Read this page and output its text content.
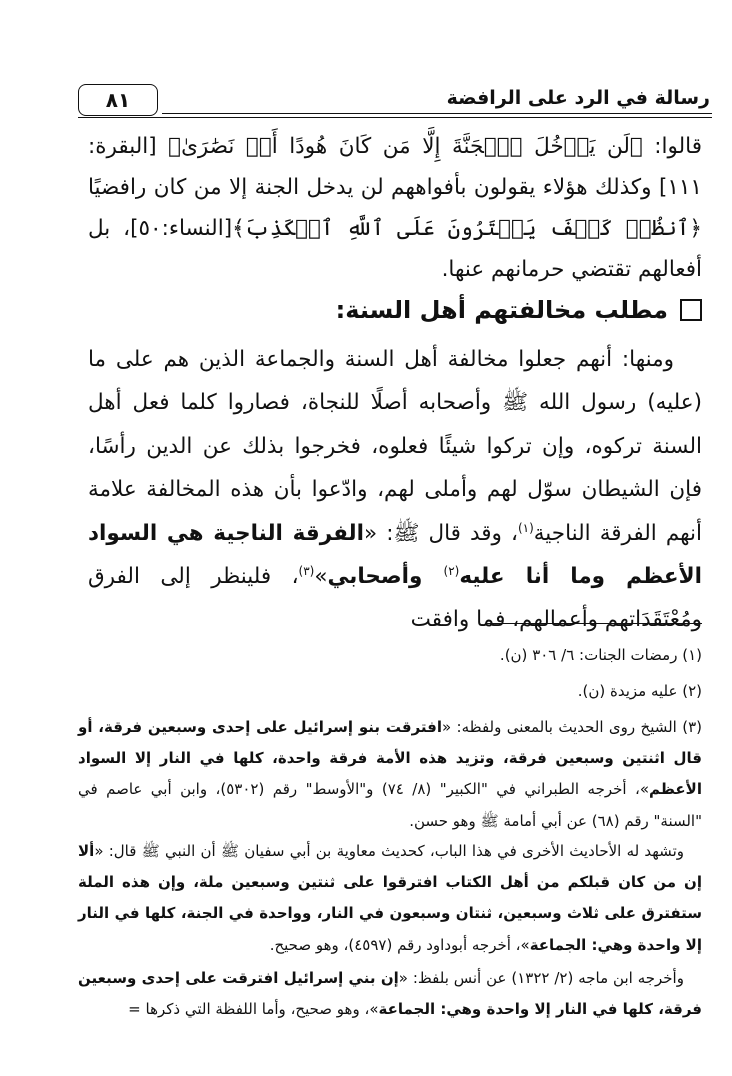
٨١	رسالة في الرد على الرافضة
قالوا: ﴿لَن يَدۡخُلَ ٱلۡجَنَّةَ إِلَّا مَن كَانَ هُودًا أَوۡ نَصَٰرَىٰ﴾ [البقرة: ١١١] وكذلك هؤلاء يقولون بأفواههم لن يدخل الجنة إلا من كان رافضيًا ﴿ٱنظُرۡ كَيۡفَ يَفۡتَرُونَ عَلَى ٱللَّهِ ٱلۡكَذِبَ﴾[النساء:٥٠]، بل أفعالهم تقتضي حرمانهم عنها.
مطلب مخالفتهم أهل السنة:
ومنها: أنهم جعلوا مخالفة أهل السنة والجماعة الذين هم على ما (عليه) رسول الله ﷺ وأصحابه أصلًا للنجاة، فصاروا كلما فعل أهل السنة تركوه، وإن تركوا شيئًا فعلوه، فخرجوا بذلك عن الدين رأسًا، فإن الشيطان سوّل لهم وأملى لهم، وادّعوا بأن هذه المخالفة علامة أنهم الفرقة الناجية$^{(١)}$، وقد قال ﷺ: «الفرقة الناجية هي السواد الأعظم وما أنا عليه$^{(٢)}$ وأصحابي»$^{(٣)}$، فلينظر إلى الفرق ومُعْتَقَدَاتهم وأعمالهم، فما وافقت
(١) رمضات الجنات: ٦/ ٣٠٦ (ن).
(٢) عليه مزيدة (ن).
(٣) الشيخ روى الحديث بالمعنى ولفظه: «افترقت بنو إسرائيل على إحدى وسبعين فرقة، أو قال اثنتين وسبعين فرقة، وتزيد هذه الأمة فرقة واحدة، كلها في النار إلا السواد الأعظم»، أخرجه الطبراني في "الكبير" (٨/ ٧٤) و"الأوسط" رقم (٥٣٠٢)، وابن أبي عاصم في "السنة" رقم (٦٨) عن أبي أمامة ﷺ وهو حسن.
وتشهد له الأحاديث الأخرى في هذا الباب، كحديث معاوية بن أبي سفيان ﷺ أن النبي ﷺ قال: «ألا إن من كان قبلكم من أهل الكتاب افترقوا على ثنتين وسبعين ملة، وإن هذه الملة ستفترق على ثلاث وسبعين، ثنتان وسبعون في النار، وواحدة في الجنة، كلها في النار إلا واحدة وهي: الجماعة»، أخرجه أبوداود رقم (٤٥٩٧)، وهو صحيح.
وأخرجه ابن ماجه (٢/ ١٣٢٢) عن أنس بلفظ: «إن بني إسرائيل افترقت على إحدى وسبعين فرقة، كلها في النار إلا واحدة وهي: الجماعة»، وهو صحيح، وأما اللفظة التي ذكرها =
